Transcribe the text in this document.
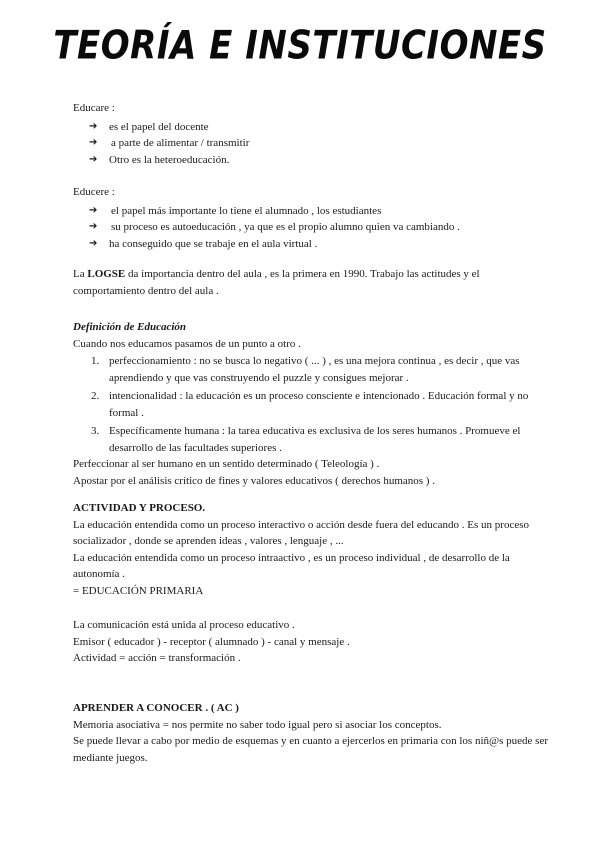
TEORÍA E INSTITUCIONES
Educare :
➔ es el papel del docente
➔ a parte de alimentar / transmitir
➔ Otro es la heteroeducación.
Educere :
➔ el papel más importante lo tiene el alumnado , los estudiantes
➔ su proceso es autoeducación , ya que es el propio alumno quien va cambiando .
➔ ha conseguido que se trabaje en el aula virtual .
La LOGSE da importancia dentro del aula , es la primera en 1990. Trabajo las actitudes y el
comportamiento dentro del aula .
Definición de Educación
Cuando nos educamos pasamos de un punto a otro .
1. perfeccionamiento : no se busca lo negativo ( ... ) , es una mejora continua , es decir , que vas
aprendiendo y que vas construyendo el puzzle y consigues mejorar .
2. intencionalidad : la educación es un proceso consciente e intencionado . Educación formal y no
formal .
3. Específicamente humana : la tarea educativa es exclusiva de los seres humanos . Promueve el
desarrollo de las facultades superiores .
Perfeccionar al ser humano en un sentido determinado ( Teleología ) .
Apostar por el análisis crítico de fines y valores educativos ( derechos humanos ) .
ACTIVIDAD Y PROCESO.
La educación entendida como un proceso interactivo o acción desde fuera del educando . Es un proceso
socializador , donde se aprenden ideas , valores , lenguaje , ...
La educación entendida como un proceso intraactivo , es un proceso individual , de desarrollo de la
autonomía .
= EDUCACIÓN PRIMARIA
La comunicación está unida al proceso educativo .
Emisor ( educador ) - receptor ( alumnado ) - canal y mensaje .
Actividad = acción = transformación .
APRENDER A CONOCER . ( AC )
Memoria asociativa = nos permite no saber todo igual pero si asociar los conceptos.
Se puede llevar a cabo por medio de esquemas y en cuanto a ejercerlos en primaria con los niñ@s puede ser
mediante juegos.
